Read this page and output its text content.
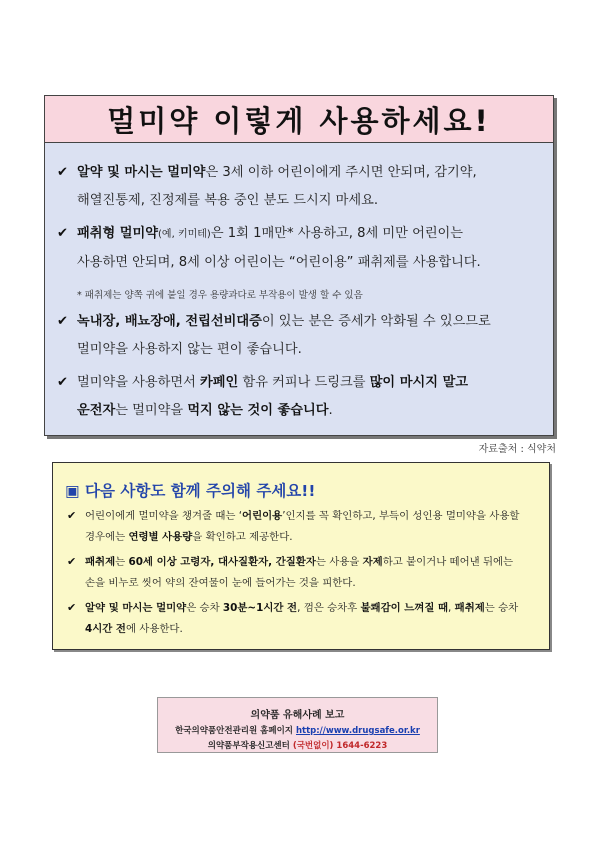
멀미약 이렇게 사용하세요!
✔ 알약 및 마시는 멀미약은 3세 이하 어린이에게 주시면 안되며, 감기약,
해열진통제, 진정제를 복용 중인 분도 드시지 마세요.
✔ 패취형 멀미약(예, 키미테)은 1회 1매만* 사용하고, 8세 미만 어린이는
사용하면 안되며, 8세 이상 어린이는 “어린이용” 패취제를 사용합니다.
* 패취제는 양쪽 귀에 붙일 경우 용량과다로 부작용이 발생 할 수 있음
✔ 녹내장, 배뇨장애, 전립선비대증이 있는 분은 증세가 악화될 수 있으므로
멀미약을 사용하지 않는 편이 좋습니다.
✔ 멀미약을 사용하면서 카페인 함유 커피나 드링크를 많이 마시지 말고
운전자는 멀미약을 먹지 않는 것이 좋습니다.
자료출처 : 식약처
▣ 다음 사항도 함께 주의해 주세요!!
✔ 어린이에게 멀미약을 챙겨줄 때는 ‘어린이용’인지를 꼭 확인하고, 부득이 성인용 멀미약을 사용할
경우에는 연령별 사용량을 확인하고 제공한다.
✔ 패취제는 60세 이상 고령자, 대사질환자, 간질환자는 사용을 자제하고 붙이거나 떼어낸 뒤에는
손을 비누로 씻어 약의 잔여물이 눈에 들어가는 것을 피한다.
✔ 알약 및 마시는 멀미약은 승차 30분~1시간 전, 껌은 승차후 불쾌감이 느껴질 때, 패취제는 승차
4시간 전에 사용한다.
의약품 유해사례 보고
한국의약품안전관리원 홈페이지 http://www.drugsafe.or.kr
의약품부작용신고센터 (국번없이) 1644-6223
